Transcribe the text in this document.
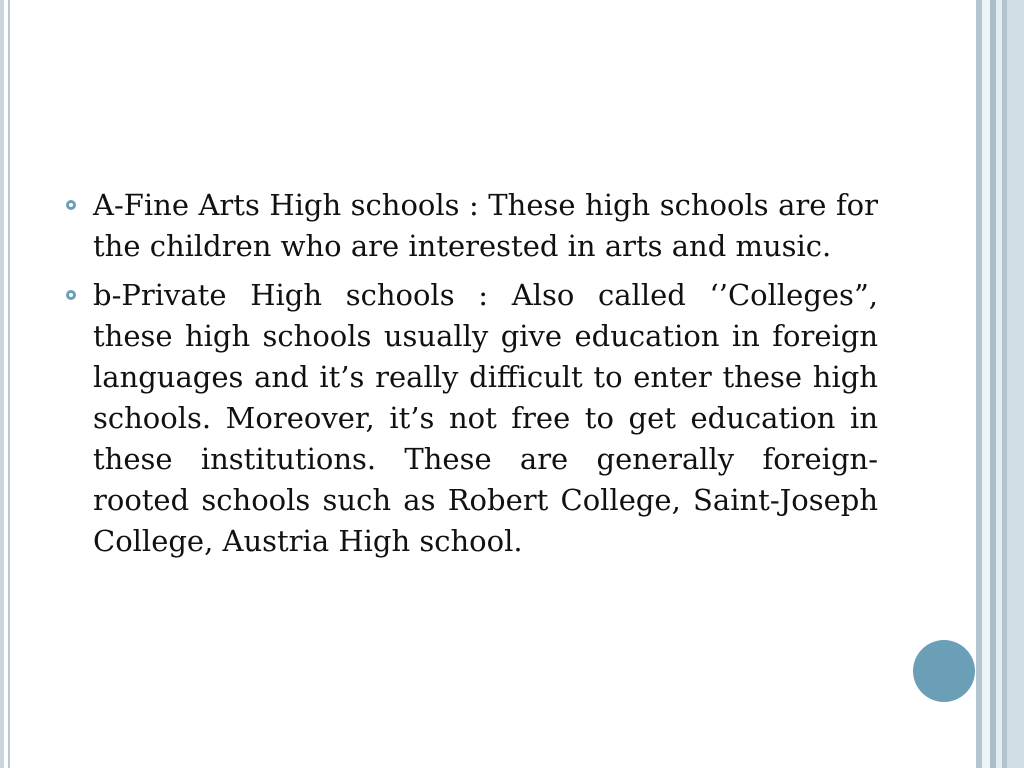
A-Fine Arts High schools : These high schools are for the children who are interested in arts and music.

b-Private High schools : Also called ‘’Colleges”, these high schools usually give education in foreign languages and it’s really difficult to enter these high schools. Moreover, it’s not free to get education in these institutions. These are generally foreign-rooted schools such as Robert College, Saint-Joseph College, Austria High school.
